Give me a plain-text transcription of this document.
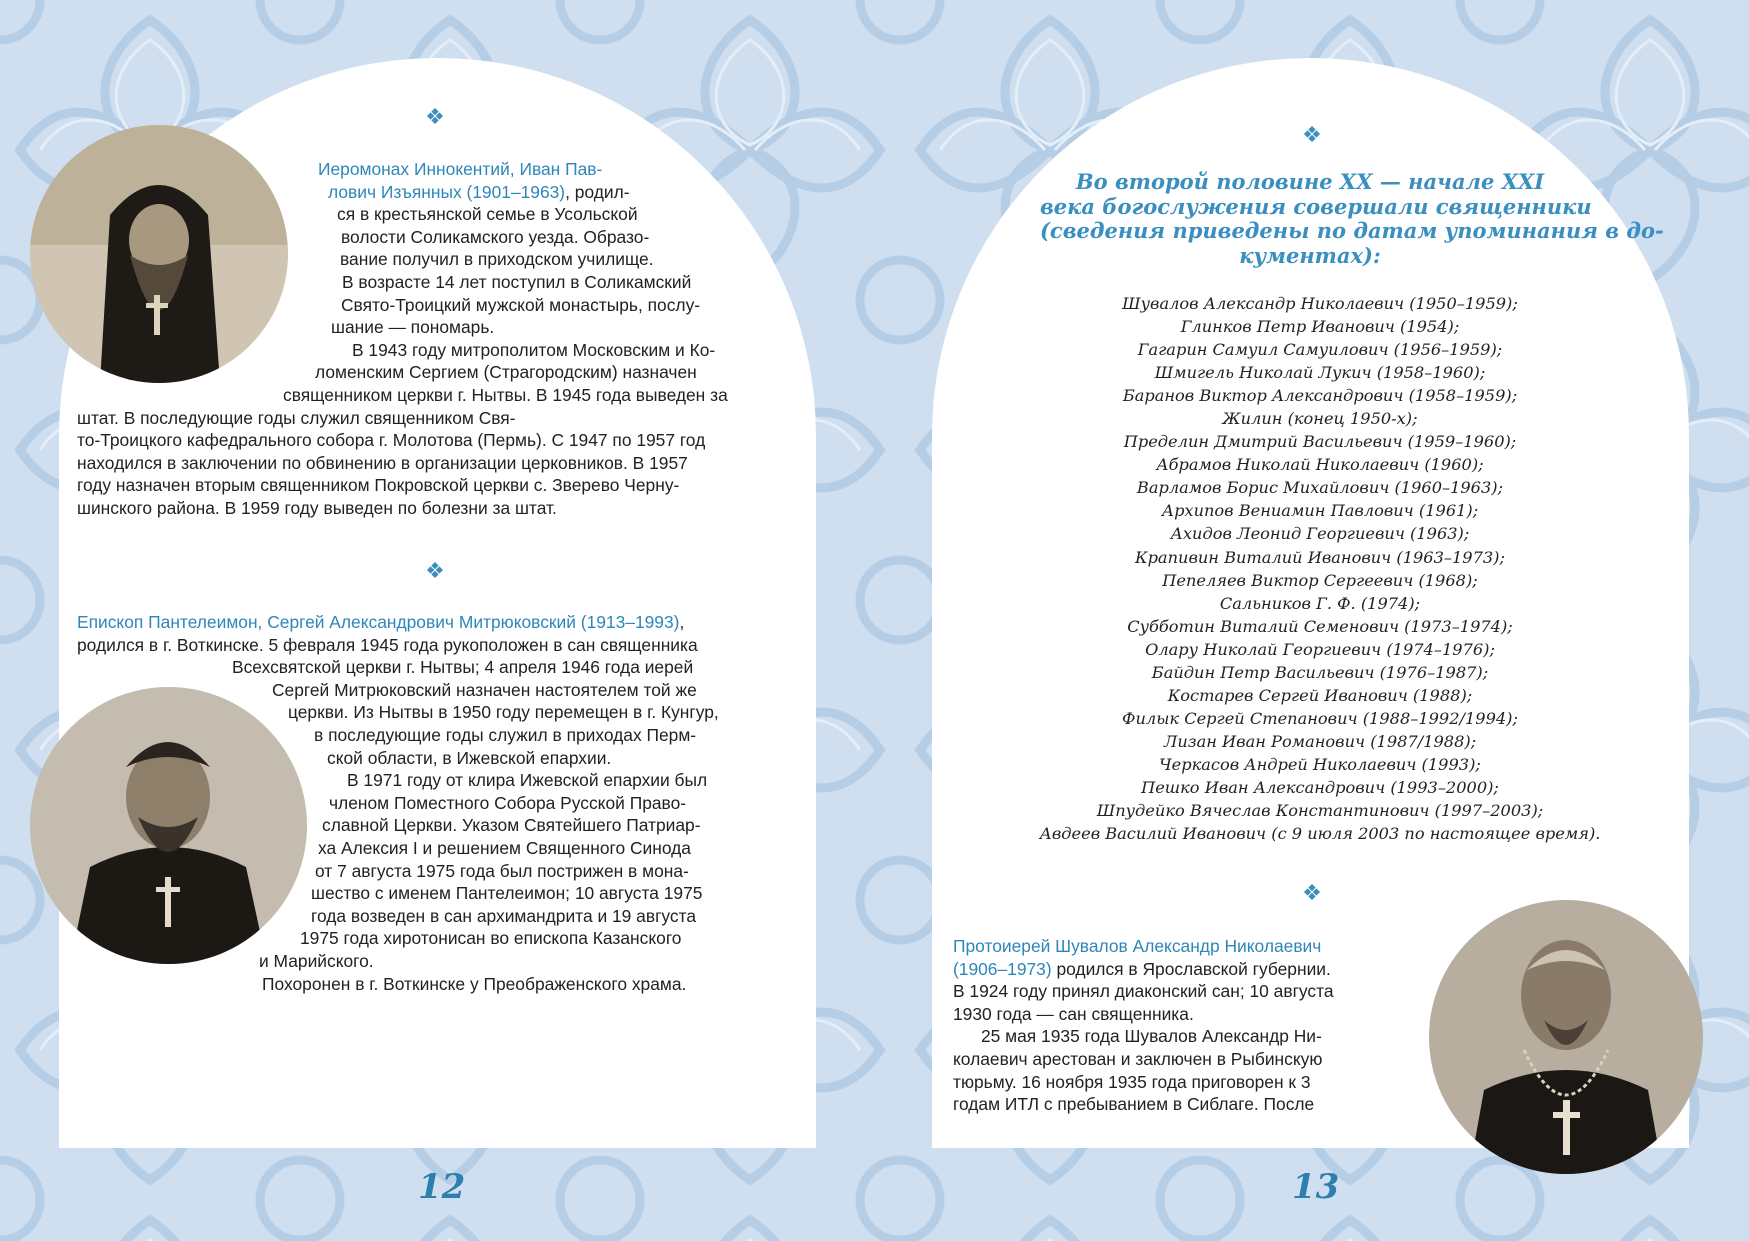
❖
❖
❖
❖
Иеромонах Иннокентий, Иван Пав-
лович Изъянных (1901–1963), родил-
ся в крестьянской семье в Усольской
волости Соликамского уезда. Образо-
вание получил в приходском училище.
В возрасте 14 лет поступил в Соликамский
Свято-Троицкий мужской монастырь, послу-
шание — пономарь.
В 1943 году митрополитом Московским и Ко-
ломенским Сергием (Страгородским) назначен
священником церкви г. Нытвы. В 1945 года выведен за
штат. В последующие годы служил священником Свя-
то-Троицкого кафедрального собора г. Молотова (Пермь). С 1947 по 1957 год
находился в заключении по обвинению в организации церковников. В 1957
году назначен вторым священником Покровской церкви с. Зверево Черну-
шинского района. В 1959 году выведен по болезни за штат.
Епископ Пантелеимон, Сергей Александрович Митрюковский (1913–1993),
родился в г. Воткинске. 5 февраля 1945 года рукоположен в сан священника
Всехсвятской церкви г. Нытвы; 4 апреля 1946 года иерей
Сергей Митрюковский назначен настоятелем той же
церкви. Из Нытвы в 1950 году перемещен в г. Кунгур,
в последующие годы служил в приходах Перм-
ской области, в Ижевской епархии.
В 1971 году от клира Ижевской епархии был
членом Поместного Собора Русской Право-
славной Церкви. Указом Святейшего Патриар-
ха Алексия I и решением Священного Синода
от 7 августа 1975 года был пострижен в мона-
шество с именем Пантелеимон; 10 августа 1975
года возведен в сан архимандрита и 19 августа
1975 года хиротонисан во епископа Казанского
и Марийского.
Похоронен в г. Воткинске у Преображенского храма.
Во второй половине XX — начале XXI
века богослужения совершали священники
(сведения приведены по датам упоминания в до-
кументах):
Шувалов Александр Николаевич (1950–1959);
Глинков Петр Иванович (1954);
Гагарин Самуил Самуилович (1956–1959);
Шмигель Николай Лукич (1958–1960);
Баранов Виктор Александрович (1958–1959);
Жилин (конец 1950-х);
Пределин Дмитрий Васильевич (1959–1960);
Абрамов Николай Николаевич (1960);
Варламов Борис Михайлович (1960–1963);
Архипов Вениамин Павлович (1961);
Ахидов Леонид Георгиевич (1963);
Крапивин Виталий Иванович (1963–1973);
Пепеляев Виктор Сергеевич (1968);
Сальников Г. Ф. (1974);
Субботин Виталий Семенович (1973–1974);
Олару Николай Георгиевич (1974–1976);
Байдин Петр Васильевич (1976–1987);
Костарев Сергей Иванович (1988);
Филык Сергей Степанович (1988–1992/1994);
Лизан Иван Романович (1987/1988);
Черкасов Андрей Николаевич (1993);
Пешко Иван Александрович (1993–2000);
Шпудейко Вячеслав Константинович (1997–2003);
Авдеев Василий Иванович (с 9 июля 2003 по настоящее время).
Протоиерей Шувалов Александр Николаевич
(1906–1973) родился в Ярославской губернии.
В 1924 году принял диаконский сан; 10 августа
1930 года — сан священника.
25 мая 1935 года Шувалов Александр Ни-
колаевич арестован и заключен в Рыбинскую
тюрьму. 16 ноября 1935 года приговорен к 3
годам ИТЛ с пребыванием в Сиблаге. После
12	13
